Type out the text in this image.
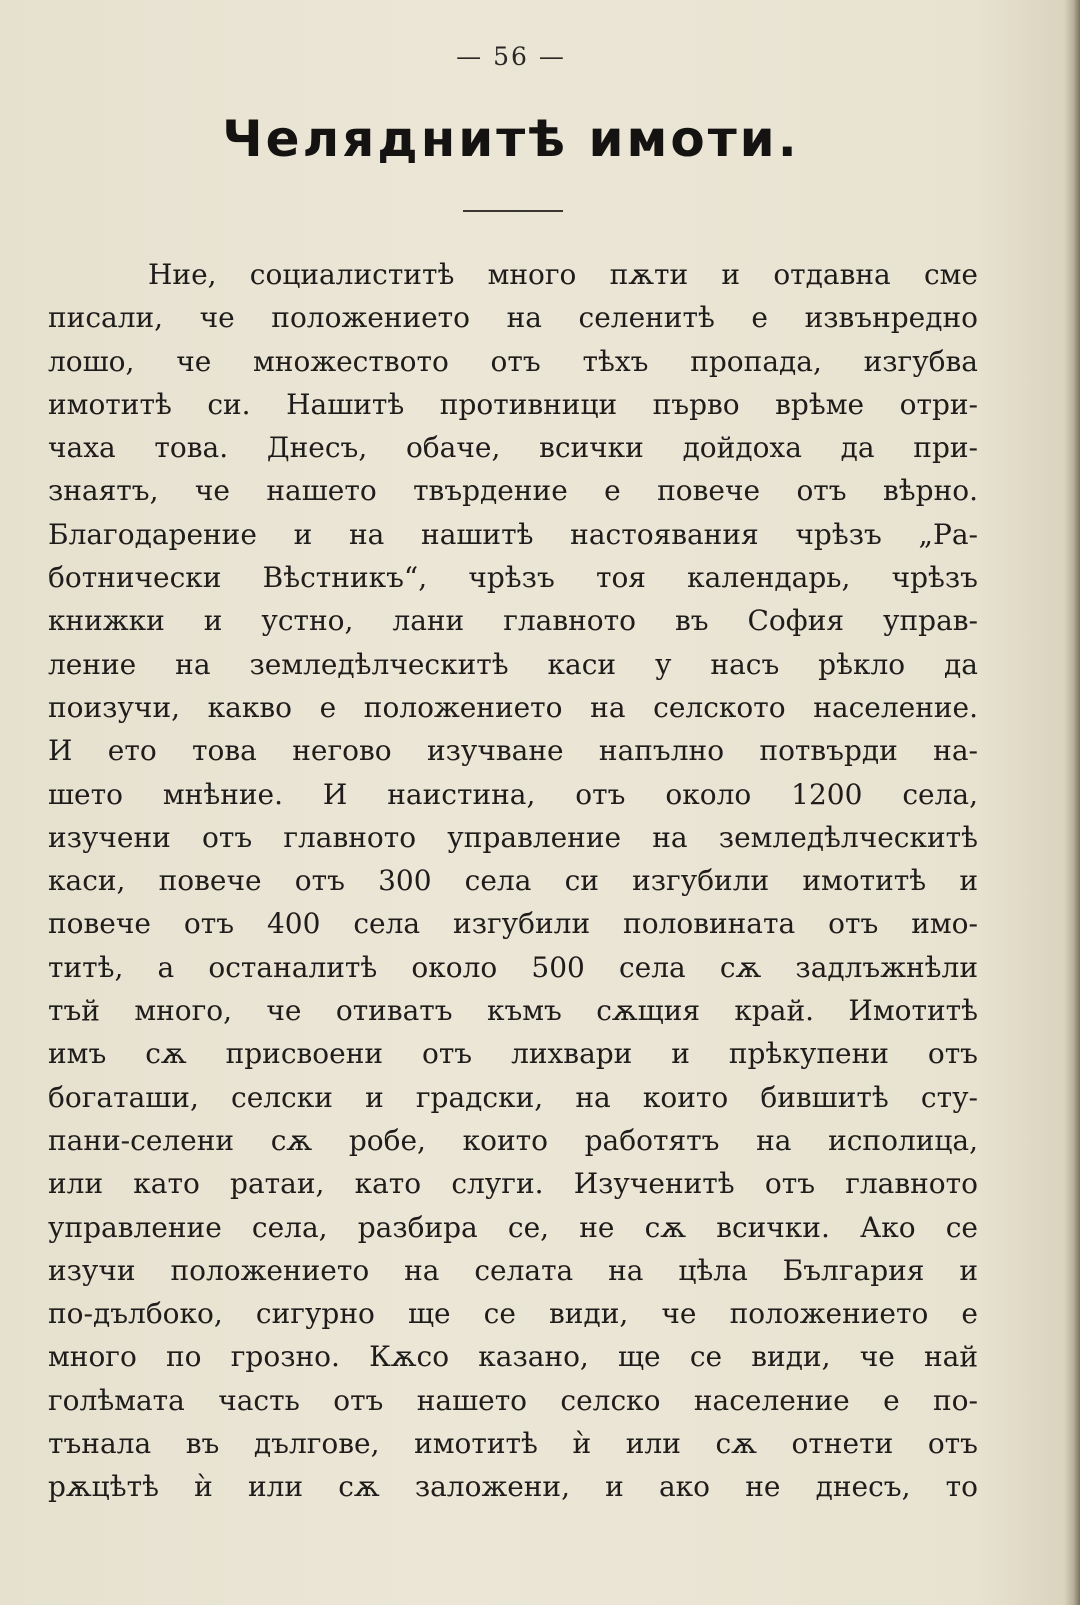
— 56 —
Челяднитѣ имоти.
Ние, социалиститѣ много пѫти и отдавна сме
писали, че положението на селенитѣ е извънредно
лошо, че множеството отъ тѣхъ пропада, изгубва
имотитѣ си. Нашитѣ противници първо врѣме отри-
чаха това. Днесъ, обаче, всички дойдоха да при-
знаятъ, че нашето твърдение е повече отъ вѣрно.
Благодарение и на нашитѣ настоявания чрѣзъ „Ра-
ботнически Вѣстникъ“, чрѣзъ тоя календарь, чрѣзъ
книжки и устно, лани главното въ София управ-
ление на земледѣлческитѣ каси у насъ рѣкло да
поизучи, какво е положението на селското население.
И ето това негово изучване напълно потвърди на-
шето мнѣние. И наистина, отъ около 1200 села,
изучени отъ главното управление на земледѣлческитѣ
каси, повече отъ 300 села си изгубили имотитѣ и
повече отъ 400 села изгубили половината отъ имо-
титѣ, а останалитѣ около 500 села сѫ задлъжнѣли
тъй много, че отиватъ къмъ сѫщия край. Имотитѣ
имъ сѫ присвоени отъ лихвари и прѣкупени отъ
богаташи, селски и градски, на които бившитѣ сту-
пани-селени сѫ робе, които работятъ на исполица,
или като ратаи, като слуги. Изученитѣ отъ главното
управление села, разбира се, не сѫ всички. Ако се
изучи положението на селата на цѣла България и
по-дълбоко, сигурно ще се види, че положението е
много по грозно. Кѫсо казано, ще се види, че най
голѣмата часть отъ нашето селско население е по-
тънала въ дългове, имотитѣ ѝ или сѫ отнети отъ
рѫцѣтѣ ѝ или сѫ заложени, и ако не днесъ, то
